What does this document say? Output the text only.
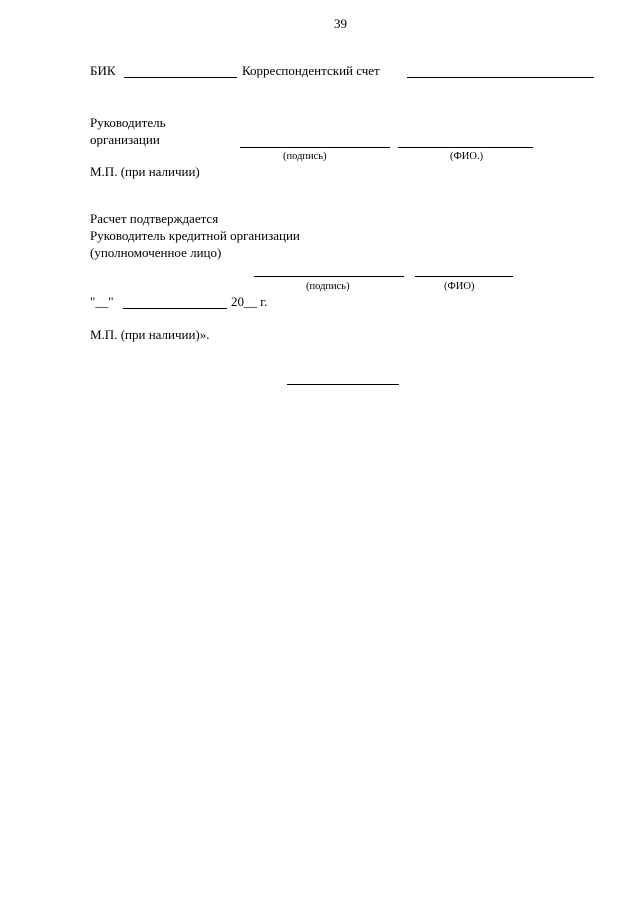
39
БИК	Корреспондентский счет
Руководитель
организации
(подпись)	(ФИО.)
М.П. (при наличии)
Расчет подтверждается
Руководитель кредитной организации
(уполномоченное лицо)
(подпись)	(ФИО)
"__"	20__ г.
М.П. (при наличии)».
